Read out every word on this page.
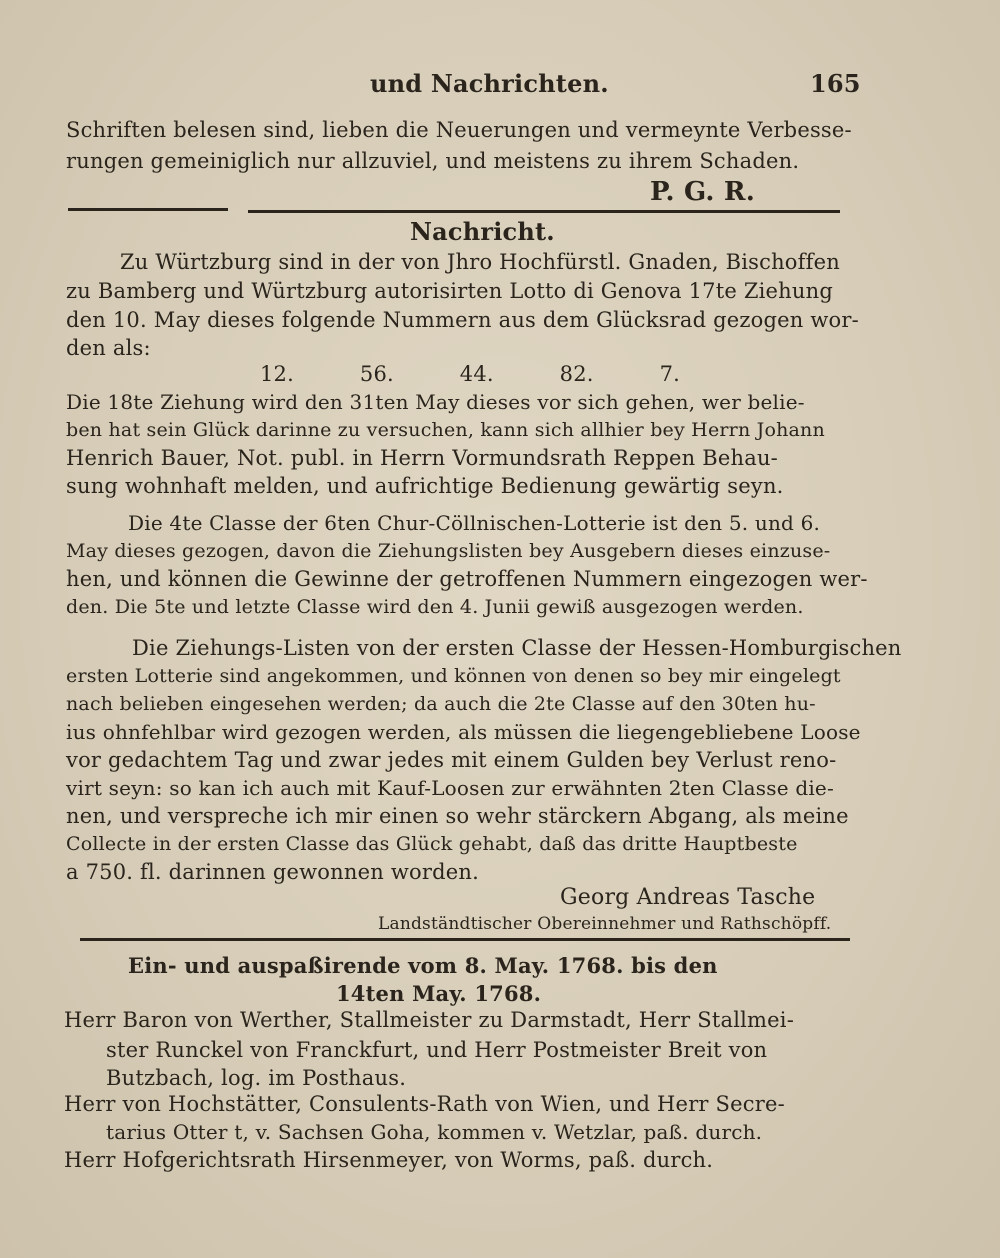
und Nachrichten.	165
Schriften belesen sind, lieben die Neuerungen und vermeynte Verbesse-
rungen gemeiniglich nur allzuviel, und meistens zu ihrem Schaden.
P. G. R.
Nachricht.
Zu Würtzburg sind in der von Jhro Hochfürstl. Gnaden, Bischoffen
zu Bamberg und Würtzburg autorisirten Lotto di Genova 17te Ziehung
den 10. May dieses folgende Nummern aus dem Glücksrad gezogen wor-
den als:
12.	56.	44.	82.	7.
Die 18te Ziehung wird den 31ten May dieses vor sich gehen, wer belie-
ben hat sein Glück darinne zu versuchen, kann sich allhier bey Herrn Johann
Henrich Bauer, Not. publ. in Herrn Vormundsrath Reppen Behau-
sung wohnhaft melden, und aufrichtige Bedienung gewärtig seyn.
Die 4te Classe der 6ten Chur-Cöllnischen-Lotterie ist den 5. und 6.
May dieses gezogen, davon die Ziehungslisten bey Ausgebern dieses einzuse-
hen, und können die Gewinne der getroffenen Nummern eingezogen wer-
den. Die 5te und letzte Classe wird den 4. Junii gewiß ausgezogen werden.
Die Ziehungs-Listen von der ersten Classe der Hessen-Homburgischen
ersten Lotterie sind angekommen, und können von denen so bey mir eingelegt
nach belieben eingesehen werden; da auch die 2te Classe auf den 30ten hu-
ius ohnfehlbar wird gezogen werden, als müssen die liegengebliebene Loose
vor gedachtem Tag und zwar jedes mit einem Gulden bey Verlust reno-
virt seyn: so kan ich auch mit Kauf-Loosen zur erwähnten 2ten Classe die-
nen, und verspreche ich mir einen so wehr stärckern Abgang, als meine
Collecte in der ersten Classe das Glück gehabt, daß das dritte Hauptbeste
a 750. fl. darinnen gewonnen worden.
Georg Andreas Tasche
Landständtischer Obereinnehmer und Rathschöpff.
Ein- und auspaßirende vom 8. May. 1768. bis den
14ten May. 1768.
Herr Baron von Werther, Stallmeister zu Darmstadt, Herr Stallmei-
ster Runckel von Franckfurt, und Herr Postmeister Breit von
Butzbach, log. im Posthaus.
Herr von Hochstätter, Consulents-Rath von Wien, und Herr Secre-
tarius Otter t, v. Sachsen Goha, kommen v. Wetzlar, paß. durch.
Herr Hofgerichtsrath Hirsenmeyer, von Worms, paß. durch.
